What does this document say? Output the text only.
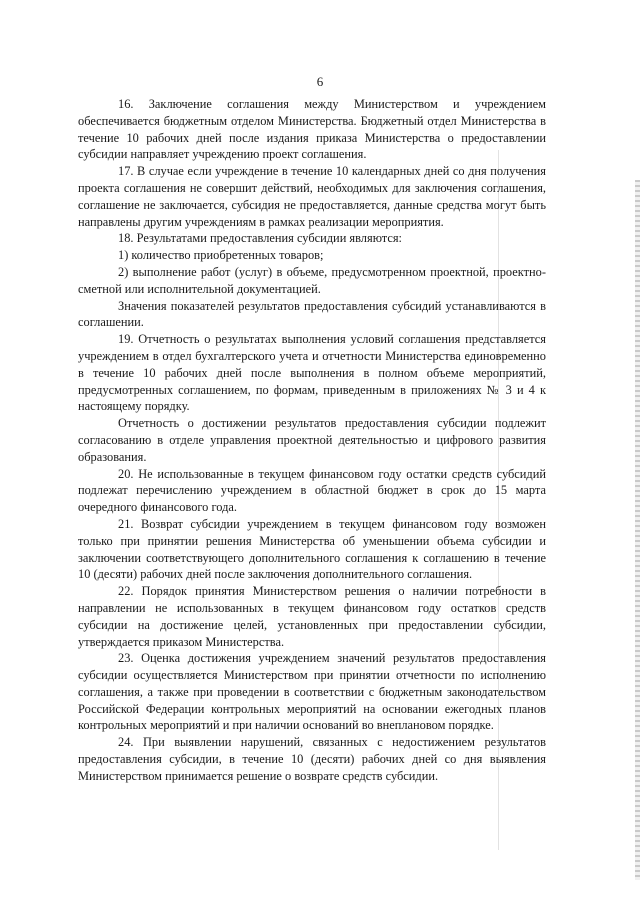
6

16. Заключение соглашения между Министерством и учреждением обеспечивается бюджетным отделом Министерства. Бюджетный отдел Министерства в течение 10 рабочих дней после издания приказа Министерства о предоставлении субсидии направляет учреждению проект соглашения.

17. В случае если учреждение в течение 10 календарных дней со дня получения проекта соглашения не совершит действий, необходимых для заключения соглашения, соглашение не заключается, субсидия не предоставляется, данные средства могут быть направлены другим учреждениям в рамках реализации мероприятия.

18. Результатами предоставления субсидии являются:

1) количество приобретенных товаров;

2) выполнение работ (услуг) в объеме, предусмотренном проектной, проектно-сметной или исполнительной документацией.

Значения показателей результатов предоставления субсидий устанавливаются в соглашении.

19. Отчетность о результатах выполнения условий соглашения представляется учреждением в отдел бухгалтерского учета и отчетности Министерства единовременно в течение 10 рабочих дней после выполнения в полном объеме мероприятий, предусмотренных соглашением, по формам, приведенным в приложениях № 3 и 4 к настоящему порядку.

Отчетность о достижении результатов предоставления субсидии подлежит согласованию в отделе управления проектной деятельностью и цифрового развития образования.

20. Не использованные в текущем финансовом году остатки средств субсидий подлежат перечислению учреждением в областной бюджет в срок до 15 марта очередного финансового года.

21. Возврат субсидии учреждением в текущем финансовом году возможен только при принятии решения Министерства об уменьшении объема субсидии и заключении соответствующего дополнительного соглашения к соглашению в течение 10 (десяти) рабочих дней после заключения дополнительного соглашения.

22. Порядок принятия Министерством решения о наличии потребности в направлении не использованных в текущем финансовом году остатков средств субсидии на достижение целей, установленных при предоставлении субсидии, утверждается приказом Министерства.

23. Оценка достижения учреждением значений результатов предоставления субсидии осуществляется Министерством при принятии отчетности по исполнению соглашения, а также при проведении в соответствии с бюджетным законодательством Российской Федерации контрольных мероприятий на основании ежегодных планов контрольных мероприятий и при наличии оснований во внеплановом порядке.

24. При выявлении нарушений, связанных с недостижением результатов предоставления субсидии, в течение 10 (десяти) рабочих дней со дня выявления Министерством принимается решение о возврате средств субсидии.
